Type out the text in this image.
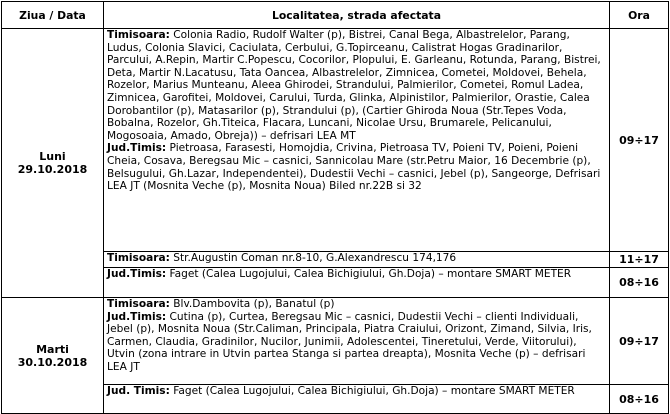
Ziua / Data	Localitatea, strada afectata	Ora

Luni
29.10.2018	Timisoara: Colonia Radio, Rudolf Walter (p), Bistrei, Canal Bega, Albastrelelor, Parang, Ludus, Colonia Slavici, Caciulata, Cerbului, G.Topirceanu, Calistrat Hogas Gradinarilor, Parcului, A.Repin, Martir C.Popescu, Cocorilor, Plopului, E. Garleanu, Rotunda, Parang, Bistrei, Deta, Martir N.Lacatusu, Tata Oancea, Albastrelelor, Zimnicea, Cometei, Moldovei, Behela, Rozelor, Marius Munteanu, Aleea Ghirodei, Strandului, Palmierilor, Cometei, Romul Ladea, Zimnicea, Garofitei, Moldovei, Carului, Turda, Glinka, Alpinistilor, Palmierilor, Orastie, Calea Dorobantilor (p), Matasarilor (p), Strandului (p), (Cartier Ghiroda Noua (Str.Tepes Voda, Bobalna, Rozelor, Gh.Titeica, Flacara, Luncani, Nicolae Ursu, Brumarele, Pelicanului, Mogosoaia, Amado, Obreja)) – defrisari LEA MT
Jud.Timis: Pietroasa, Farasesti, Homojdia, Crivina, Pietroasa TV, Poieni TV, Poieni, Poieni Cheia, Cosava, Beregsau Mic – casnici, Sannicolau Mare (str.Petru Maior, 16 Decembrie (p), Belsugului, Gh.Lazar, Independentei), Dudestii Vechi – casnici, Jebel (p), Sangeorge, Defrisari LEA JT (Mosnita Veche (p), Mosnita Noua) Biled nr.22B si 32	09÷17

	Timisoara: Str.Augustin Coman nr.8-10, G.Alexandrescu 174,176	11÷17

	Jud.Timis: Faget (Calea Lugojului, Calea Bichigiului, Gh.Doja) – montare SMART METER	08÷16

Marti
30.10.2018	Timisoara: Blv.Dambovita (p), Banatul (p)
Jud.Timis: Cutina (p), Curtea, Beregsau Mic – casnici, Dudestii Vechi – clienti Individuali, Jebel (p), Mosnita Noua (Str.Caliman, Principala, Piatra Craiului, Orizont, Zimand, Silvia, Iris, Carmen, Claudia, Gradinilor, Nucilor, Junimii, Adolescentei, Tineretului, Verde, Viitorului), Utvin (zona intrare in Utvin partea Stanga si partea dreapta), Mosnita Veche (p) – defrisari LEA JT	09÷17

	Jud. Timis: Faget (Calea Lugojului, Calea Bichigiului, Gh.Doja) – montare SMART METER	08÷16
